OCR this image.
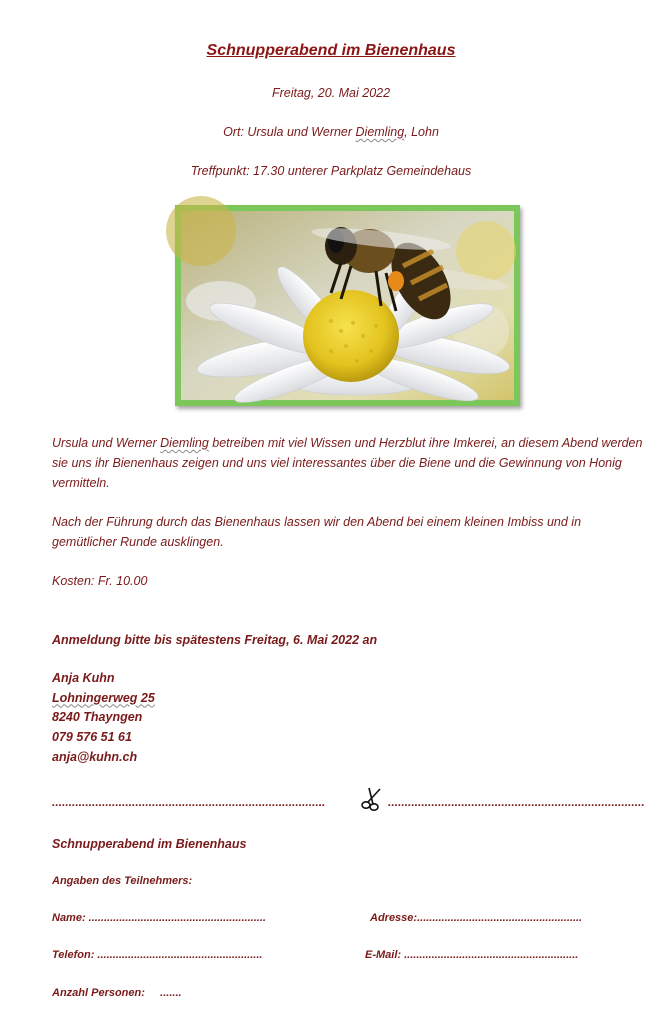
Schnupperabend im Bienenhaus
Freitag, 20. Mai 2022
Ort: Ursula und Werner Diemling, Lohn
Treffpunkt: 17.30 unterer Parkplatz Gemeindehaus
Ursula und Werner Diemling betreiben mit viel Wissen und Herzblut ihre Imkerei, an diesem Abend werden sie uns ihr Bienenhaus zeigen und uns viel interessantes über die Biene und die Gewinnung von Honig vermitteln.
Nach der Führung durch das Bienenhaus lassen wir den Abend bei einem kleinen Imbiss und in gemütlicher Runde ausklingen.
Kosten: Fr. 10.00
Anmeldung bitte bis spätestens Freitag, 6. Mai 2022 an
Anja Kuhn
Lohningerweg 25
8240 Thayngen
079 576 51 61
anja@kuhn.ch
..................................................................................	.............................................................................
Schnupperabend im Bienenhaus
Angaben des Teilnehmers:
Name: ..........................................................	Adresse:......................................................
Telefon: ......................................................	E-Mail: .........................................................
Anzahl Personen:     .......
